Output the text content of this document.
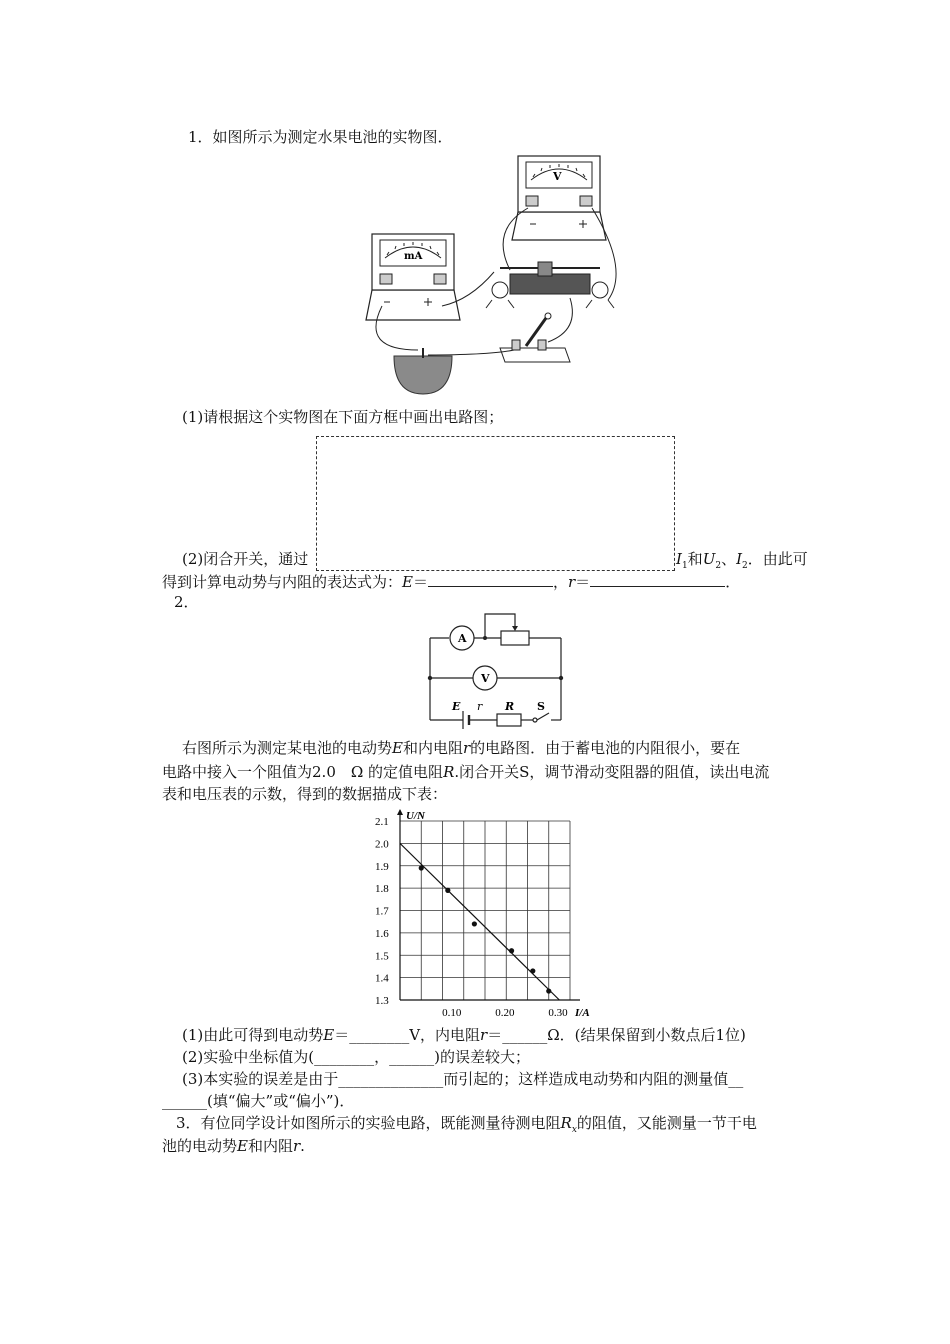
1．如图所示为测定水果电池的实物图．
V
mA
(1)请根据这个实物图在下面方框中画出电路图；
(2)闭合开关，通过	$I_1$和$U_2$、$I_2$．由此可
得到计算电动势与内阻的表达式为：E＝	，r＝	．
2．
A
V
E r R S
右图所示为测定某电池的电动势E和内电阻r的电路图．由于蓄电池的内阻很小，要在
电路中接入一个阻值为2.0　Ω 的定值电阻R.闭合开关S，调节滑动变阻器的阻值，读出电流
表和电压表的示数，得到的数据描成下表：
1.3
1.4
1.5
1.6
1.7
1.8
1.9
2.0
2.1
0.10	0.20	0.30
U/N
I/A
(1)由此可得到电动势E＝________V，内电阻r＝______Ω．(结果保留到小数点后1位)
(2)实验中坐标值为(________，______)的误差较大；
(3)本实验的误差是由于______________而引起的；这样造成电动势和内阻的测量值__
______(填“偏大”或“偏小”)．
3．有位同学设计如图所示的实验电路，既能测量待测电阻$R_x$的阻值，又能测量一节干电
池的电动势E和内阻r.
